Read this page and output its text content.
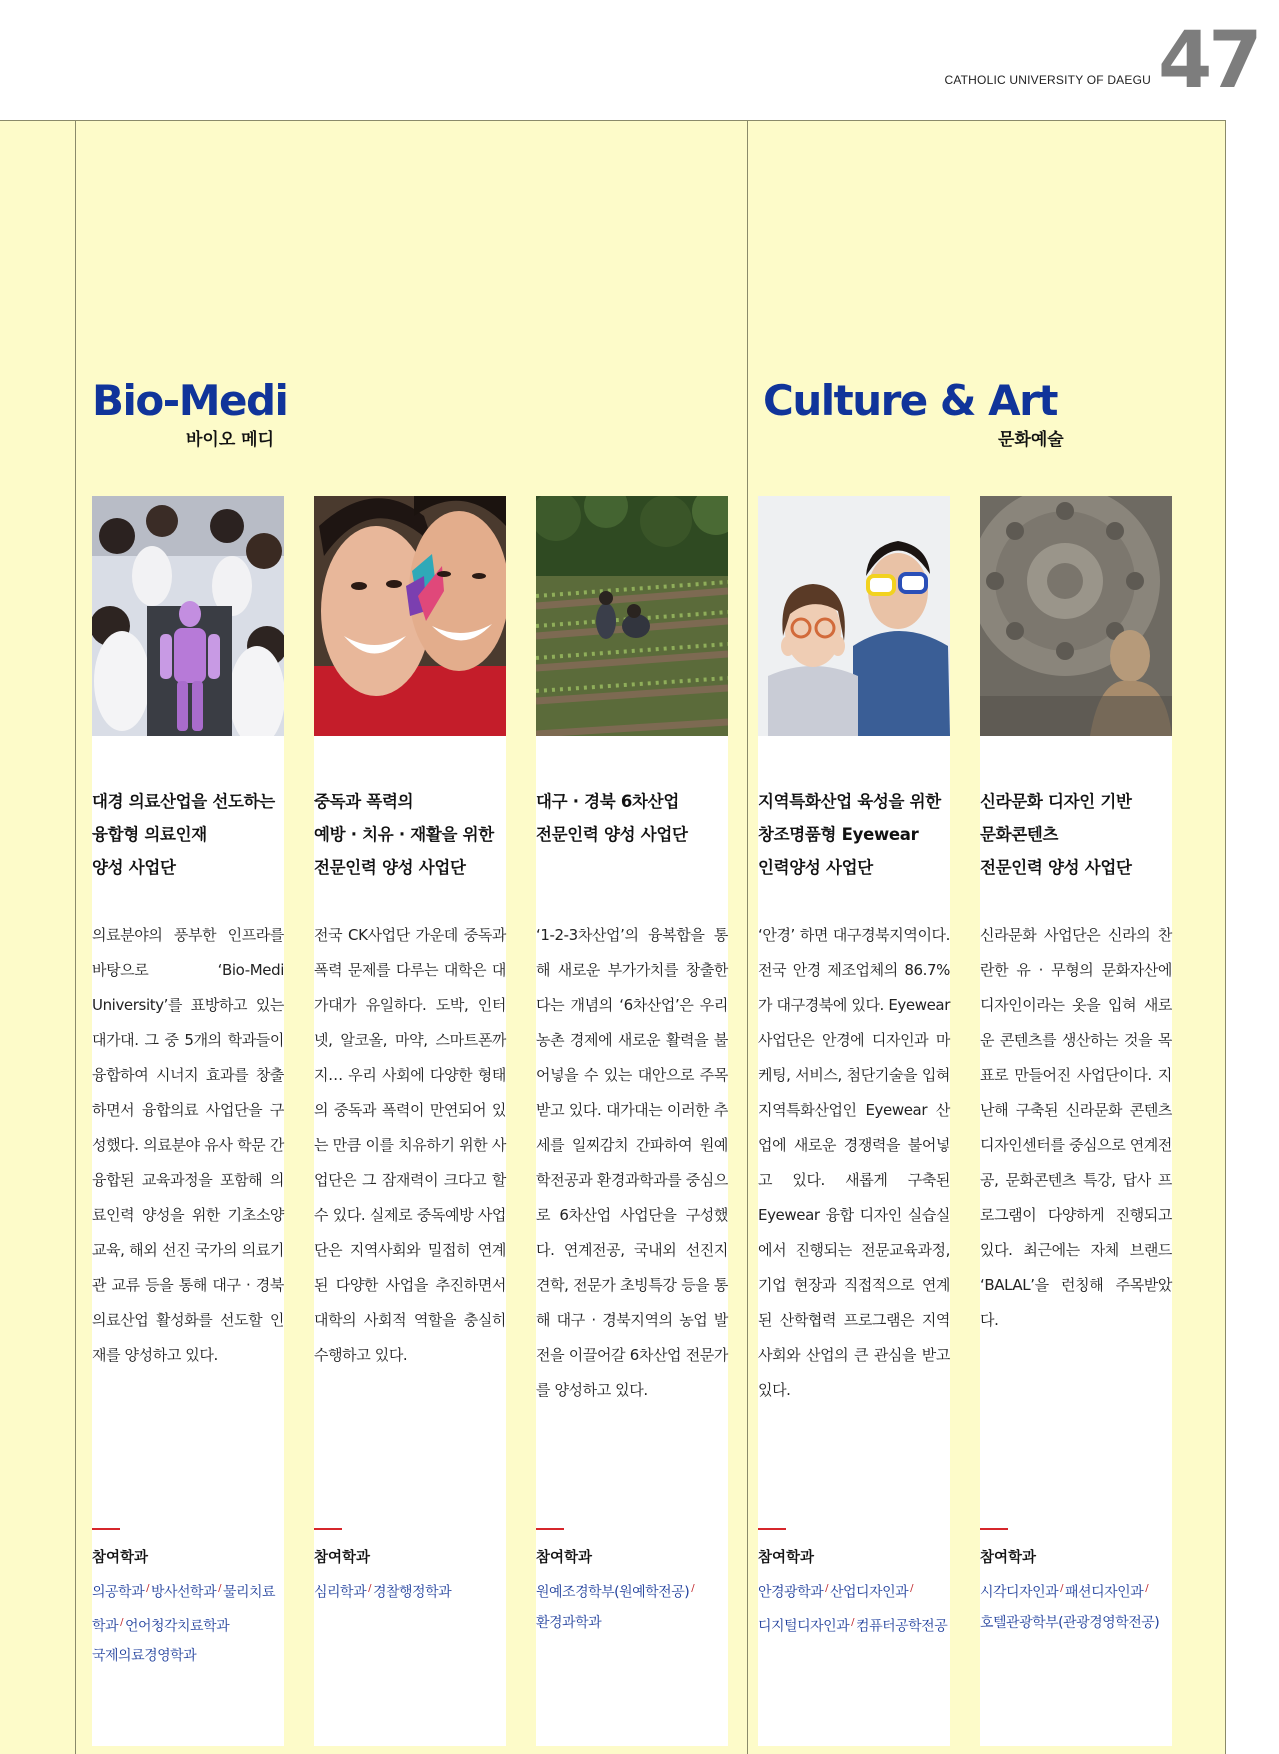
CATHOLIC UNIVERSITY OF DAEGU 47
Bio-Medi
바이오 메디
Culture & Art
문화예술
대경 의료산업을 선도하는
융합형 의료인재
양성 사업단
의료분야의 풍부한 인프라를 바탕으로 ‘Bio-Medi University’를 표방하고 있는 대가대. 그 중 5개의 학과들이 융합하여 시너지 효과를 창출하면서 융합의료 사업단을 구성했다. 의료분야 유사 학문 간 융합된 교육과정을 포함해 의료인력 양성을 위한 기초소양 교육, 해외 선진 국가의 의료기관 교류 등을 통해 대구 · 경북 의료산업 활성화를 선도할 인재를 양성하고 있다.
참여학과
의공학과 / 방사선학과 / 물리치료학과 / 언어청각치료학과
국제의료경영학과
중독과 폭력의
예방 · 치유 · 재활을 위한
전문인력 양성 사업단
전국 CK사업단 가운데 중독과 폭력 문제를 다루는 대학은 대가대가 유일하다. 도박, 인터넷, 알코올, 마약, 스마트폰까지… 우리 사회에 다양한 형태의 중독과 폭력이 만연되어 있는 만큼 이를 치유하기 위한 사업단은 그 잠재력이 크다고 할 수 있다. 실제로 중독예방 사업단은 지역사회와 밀접히 연계된 다양한 사업을 추진하면서 대학의 사회적 역할을 충실히 수행하고 있다.
참여학과
심리학과 / 경찰행정학과
대구 · 경북 6차산업
전문인력 양성 사업단
‘1-2-3차산업’의 융복합을 통해 새로운 부가가치를 창출한다는 개념의 ‘6차산업’은 우리 농촌 경제에 새로운 활력을 불어넣을 수 있는 대안으로 주목받고 있다. 대가대는 이러한 추세를 일찌감치 간파하여 원예학전공과 환경과학과를 중심으로 6차산업 사업단을 구성했다. 연계전공, 국내외 선진지 견학, 전문가 초빙특강 등을 통해 대구 · 경북지역의 농업 발전을 이끌어갈 6차산업 전문가를 양성하고 있다.
참여학과
원예조경학부(원예학전공) /
환경과학과
지역특화산업 육성을 위한
창조명품형 Eyewear
인력양성 사업단
‘안경’ 하면 대구경북지역이다. 전국 안경 제조업체의 86.7%가 대구경북에 있다. Eyewear 사업단은 안경에 디자인과 마케팅, 서비스, 첨단기술을 입혀 지역특화산업인 Eyewear 산업에 새로운 경쟁력을 불어넣고 있다. 새롭게 구축된 Eyewear 융합 디자인 실습실에서 진행되는 전문교육과정, 기업 현장과 직접적으로 연계된 산학협력 프로그램은 지역사회와 산업의 큰 관심을 받고 있다.
참여학과
안경광학과 / 산업디자인과 /
디지털디자인과 / 컴퓨터공학전공
신라문화 디자인 기반
문화콘텐츠
전문인력 양성 사업단
신라문화 사업단은 신라의 찬란한 유 · 무형의 문화자산에 디자인이라는 옷을 입혀 새로운 콘텐츠를 생산하는 것을 목표로 만들어진 사업단이다. 지난해 구축된 신라문화 콘텐츠 디자인센터를 중심으로 연계전공, 문화콘텐츠 특강, 답사 프로그램이 다양하게 진행되고 있다. 최근에는 자체 브랜드 ‘BALAL’을 런칭해 주목받았다.
참여학과
시각디자인과 / 패션디자인과 /
호텔관광학부(관광경영학전공)
